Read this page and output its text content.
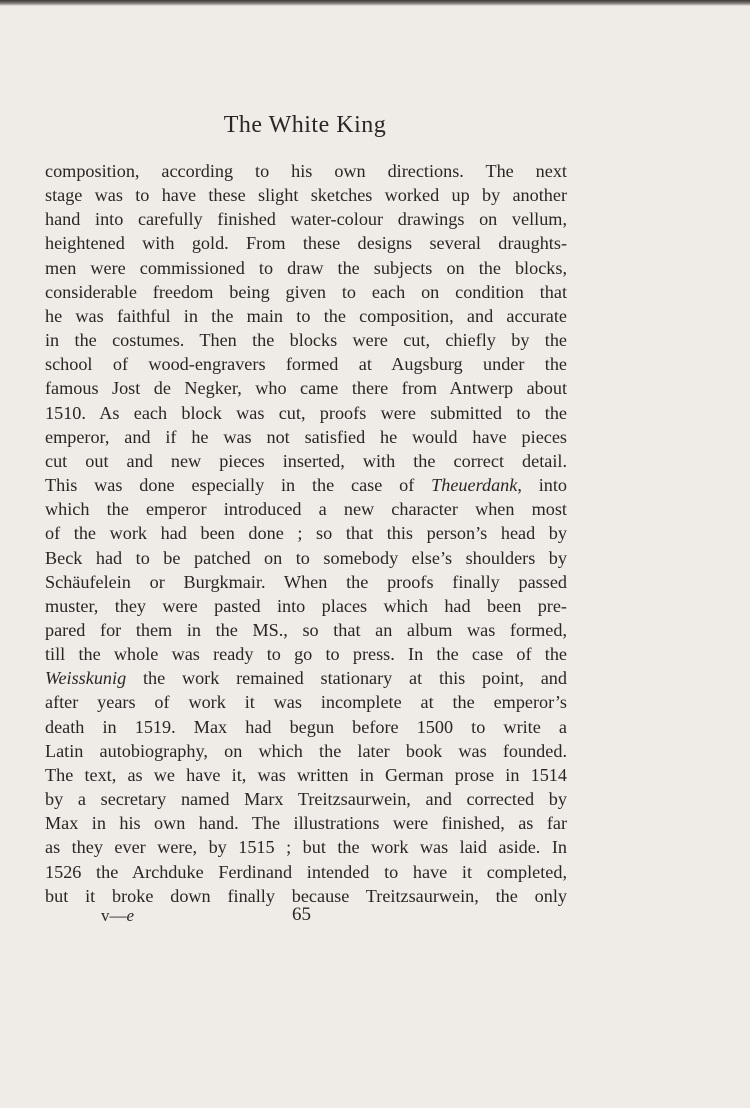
The White King
composition, according to his own directions. The next
stage was to have these slight sketches worked up by another
hand into carefully finished water-colour drawings on vellum,
heightened with gold. From these designs several draughts-
men were commissioned to draw the subjects on the blocks,
considerable freedom being given to each on condition that
he was faithful in the main to the composition, and accurate
in the costumes. Then the blocks were cut, chiefly by the
school of wood-engravers formed at Augsburg under the
famous Jost de Negker, who came there from Antwerp about
1510. As each block was cut, proofs were submitted to the
emperor, and if he was not satisfied he would have pieces
cut out and new pieces inserted, with the correct detail.
This was done especially in the case of Theuerdank, into
which the emperor introduced a new character when most
of the work had been done ; so that this person’s head by
Beck had to be patched on to somebody else’s shoulders by
Schäufelein or Burgkmair. When the proofs finally passed
muster, they were pasted into places which had been pre-
pared for them in the MS., so that an album was formed,
till the whole was ready to go to press. In the case of the
Weisskunig the work remained stationary at this point, and
after years of work it was incomplete at the emperor’s
death in 1519. Max had begun before 1500 to write a
Latin autobiography, on which the later book was founded.
The text, as we have it, was written in German prose in 1514
by a secretary named Marx Treitzsaurwein, and corrected by
Max in his own hand. The illustrations were finished, as far
as they ever were, by 1515 ; but the work was laid aside. In
1526 the Archduke Ferdinand intended to have it completed,
but it broke down finally because Treitzsaurwein, the only
v—e	65
